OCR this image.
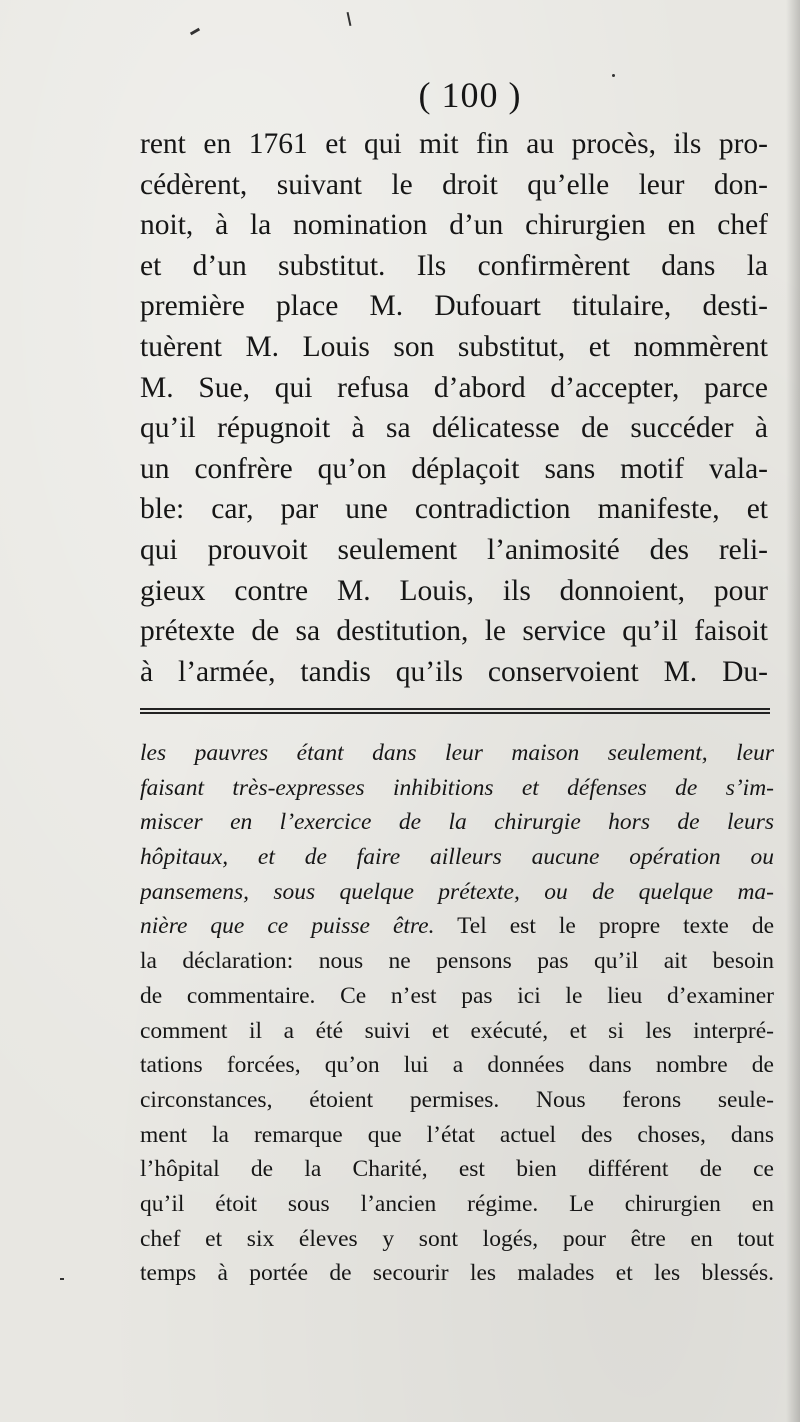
( 100 )
rent en 1761 et qui mit fin au procès, ils pro-
cédèrent, suivant le droit qu’elle leur don-
noit, à la nomination d’un chirurgien en chef
et d’un substitut. Ils confirmèrent dans la
première place M. Dufouart titulaire, desti-
tuèrent M. Louis son substitut, et nommèrent
M. Sue, qui refusa d’abord d’accepter, parce
qu’il répugnoit à sa délicatesse de succéder à
un confrère qu’on déplaçoit sans motif vala-
ble: car, par une contradiction manifeste, et
qui prouvoit seulement l’animosité des reli-
gieux contre M. Louis, ils donnoient, pour
prétexte de sa destitution, le service qu’il faisoit
à l’armée, tandis qu’ils conservoient M. Du-
les pauvres étant dans leur maison seulement, leur
faisant très-expresses inhibitions et défenses de s’im-
miscer en l’exercice de la chirurgie hors de leurs
hôpitaux, et de faire ailleurs aucune opération ou
pansemens, sous quelque prétexte, ou de quelque ma-
nière que ce puisse être. Tel est le propre texte de
la déclaration: nous ne pensons pas qu’il ait besoin
de commentaire. Ce n’est pas ici le lieu d’examiner
comment il a été suivi et exécuté, et si les interpré-
tations forcées, qu’on lui a données dans nombre de
circonstances, étoient permises. Nous ferons seule-
ment la remarque que l’état actuel des choses, dans
l’hôpital de la Charité, est bien différent de ce
qu’il étoit sous l’ancien régime. Le chirurgien en
chef et six éleves y sont logés, pour être en tout
temps à portée de secourir les malades et les blessés.
